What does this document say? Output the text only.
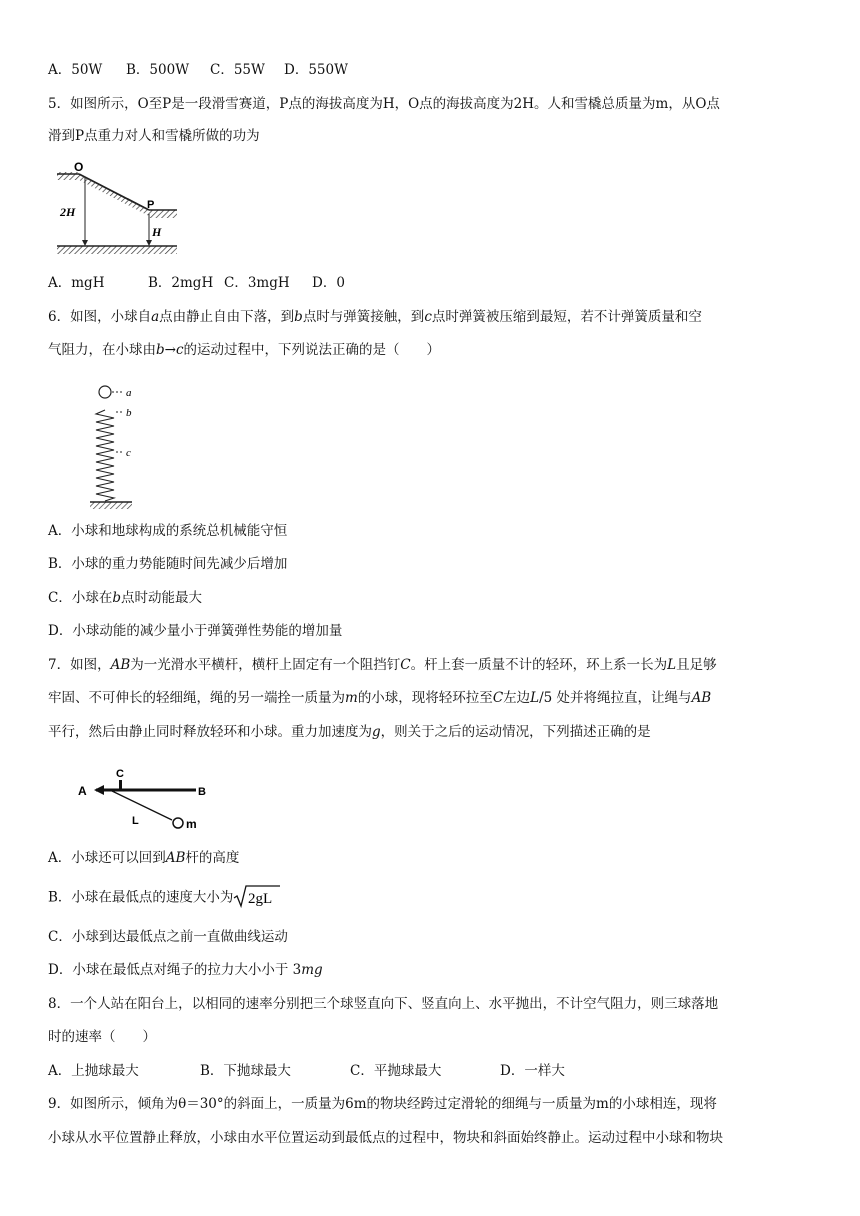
A．50W B．500W C．55W D．550W
5．如图所示，O至P是一段滑雪赛道，P点的海拔高度为H，O点的海拔高度为2H。人和雪橇总质量为m，从O点
滑到P点重力对人和雪橇所做的功为
O
P
2H
H
A．mgH	B．2mgH C．3mgH D．0
6．如图，小球自a点由静止自由下落，到b点时与弹簧接触，到c点时弹簧被压缩到最短，若不计弹簧质量和空
气阻力，在小球由b→c的运动过程中，下列说法正确的是（　　）
a
b
c
A．小球和地球构成的系统总机械能守恒
B．小球的重力势能随时间先减少后增加
C．小球在b点时动能最大
D．小球动能的减少量小于弹簧弹性势能的增加量
7．如图，AB为一光滑水平横杆，横杆上固定有一个阻挡钉C。杆上套一质量不计的轻环，环上系一长为L且足够
牢固、不可伸长的轻细绳，绳的另一端拴一质量为m的小球，现将轻环拉至C左边L/5 处并将绳拉直，让绳与AB
平行，然后由静止同时释放轻环和小球。重力加速度为g，则关于之后的运动情况，下列描述正确的是
A	B
C
L	m
A．小球还可以回到AB杆的高度
B．小球在最低点的速度大小为 2gL
C．小球到达最低点之前一直做曲线运动
D．小球在最低点对绳子的拉力大小小于 3mg
8．一个人站在阳台上，以相同的速率分别把三个球竖直向下、竖直向上、水平抛出，不计空气阻力，则三球落地
时的速率（　　）
A．上抛球最大	B．下抛球最大	C．平抛球最大	D．一样大
9．如图所示，倾角为θ＝30°的斜面上，一质量为6m的物块经跨过定滑轮的细绳与一质量为m的小球相连，现将
小球从水平位置静止释放，小球由水平位置运动到最低点的过程中，物块和斜面始终静止。运动过程中小球和物块
